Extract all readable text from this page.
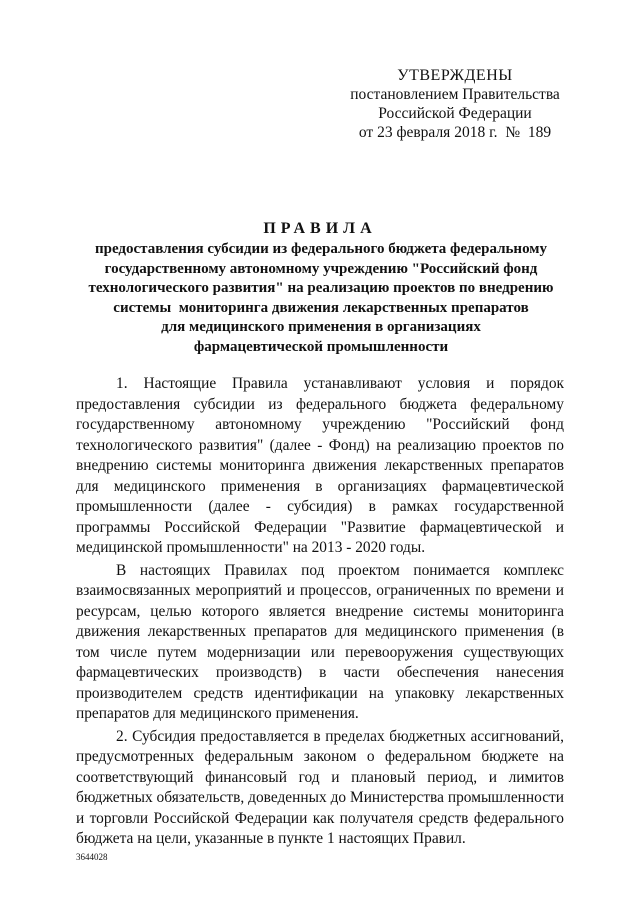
УТВЕРЖДЕНЫ
постановлением Правительства
Российской Федерации
от 23 февраля 2018 г. № 189
ПРАВИЛА
предоставления субсидии из федерального бюджета федеральному
государственному автономному учреждению "Российский фонд
технологического развития" на реализацию проектов по внедрению
системы  мониторинга движения лекарственных препаратов
для медицинского применения в организациях
фармацевтической промышленности

1. Настоящие Правила устанавливают условия и порядок предоставления субсидии из федерального бюджета федеральному государственному автономному учреждению "Российский фонд технологического развития" (далее - Фонд) на реализацию проектов по внедрению системы мониторинга движения лекарственных препаратов для медицинского применения в организациях фармацевтической промышленности (далее - субсидия) в рамках государственной программы Российской Федерации "Развитие фармацевтической и медицинской промышленности" на 2013 - 2020 годы.

В настоящих Правилах под проектом понимается комплекс взаимосвязанных мероприятий и процессов, ограниченных по времени и ресурсам, целью которого является внедрение системы мониторинга движения лекарственных препаратов для медицинского применения (в том числе путем модернизации или перевооружения существующих фармацевтических производств) в части обеспечения нанесения производителем средств идентификации на упаковку лекарственных препаратов для медицинского применения.

2. Субсидия предоставляется в пределах бюджетных ассигнований, предусмотренных федеральным законом о федеральном бюджете на соответствующий финансовый год и плановый период, и лимитов бюджетных обязательств, доведенных до Министерства промышленности и торговли Российской Федерации как получателя средств федерального бюджета на цели, указанные в пункте 1 настоящих Правил.

3644028
